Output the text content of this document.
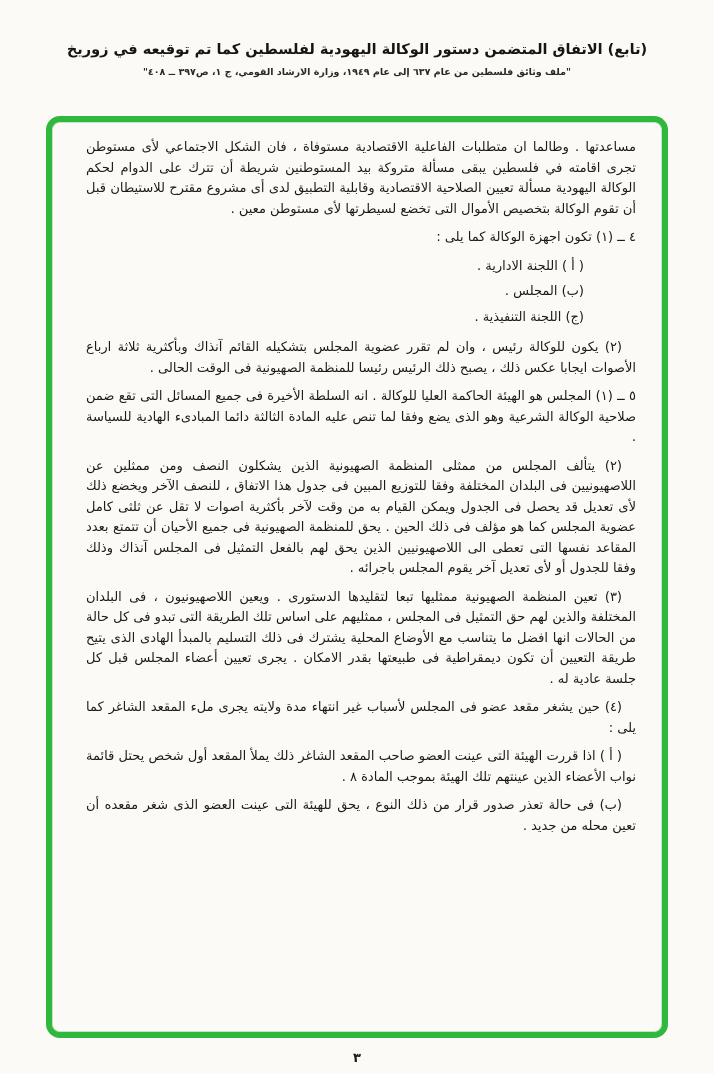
(تابع) الاتفاق المتضمن دستور الوكالة اليهودية لفلسطين كما تم توقيعه في زوريخ
"ملف وثائق فلسطين من عام ٦٣٧ إلى عام ١٩٤٩، وزارة الارشاد القومي، ج ١، ص٣٩٧ ــ ٤٠٨"

مساعدتها . وطالما ان متطلبات الفاعلية الاقتصادية مستوفاة ، فان الشكل الاجتماعي لأى مستوطن تجرى اقامته في فلسطين يبقى مسألة متروكة بيد المستوطنين شريطة أن تترك على الدوام لحكم الوكالة اليهودية مسألة تعيين الصلاحية الاقتصادية وقابلية التطبيق لدى أى مشروع مقترح للاستيطان قبل أن تقوم الوكالة بتخصيص الأموال التى تخضع لسيطرتها لأى مستوطن معين .

٤ ــ (١) تكون اجهزة الوكالة كما يلى :

( أ ) اللجنة الادارية .

(ب) المجلس .

(ج) اللجنة التنفيذية .

(٢) يكون للوكالة رئيس ، وان لم تقرر عضوية المجلس بتشكيله القائم آنذاك وبأكثرية ثلاثة ارباع الأصوات ايجابا عكس ذلك ، يصبح ذلك الرئيس رئيسا للمنظمة الصهيونية فى الوقت الحالى .

٥ ــ (١) المجلس هو الهيئة الحاكمة العليا للوكالة . انه السلطة الأخيرة فى جميع المسائل التى تقع ضمن صلاحية الوكالة الشرعية وهو الذى يضع وفقا لما تنص عليه المادة الثالثة دائما المبادىء الهادية للسياسة .

(٢) يتألف المجلس من ممثلى المنظمة الصهيونية الذين يشكلون النصف ومن ممثلين عن اللاصهيونيين فى البلدان المختلفة وفقا للتوزيع المبين فى جدول هذا الاتفاق ، للنصف الآخر ويخضع ذلك لأى تعديل قد يحصل فى الجدول ويمكن القيام به من وقت لآخر بأكثرية اصوات لا تقل عن ثلثى كامل عضوية المجلس كما هو مؤلف فى ذلك الحين . يحق للمنظمة الصهيونية فى جميع الأحيان أن تتمتع بعدد المقاعد نفسها التى تعطى الى اللاصهيونيين الذين يحق لهم بالفعل التمثيل فى المجلس آنذاك وذلك وفقا للجدول أو لأى تعديل آخر يقوم المجلس باجرائه .

(٣) تعين المنظمة الصهيونية ممثليها تبعا لتقليدها الدستورى . ويعين اللاصهيونيون ، فى البلدان المختلفة والذين لهم حق التمثيل فى المجلس ، ممثليهم على اساس تلك الطريقة التى تبدو فى كل حالة من الحالات انها افضل ما يتناسب مع الأوضاع المحلية يشترك فى ذلك التسليم بالمبدأ الهادى الذى يتيح طريقة التعيين أن تكون ديمقراطية فى طبيعتها بقدر الامكان . يجرى تعيين أعضاء المجلس قبل كل جلسة عادية له .

(٤) حين يشغر مقعد عضو فى المجلس لأسباب غير انتهاء مدة ولايته يجرى ملء المقعد الشاغر كما يلى :

( أ ) اذا قررت الهيئة التى عينت العضو صاحب المقعد الشاغر ذلك يملأ المقعد أول شخص يحتل قائمة نواب الأعضاء الذين عينتهم تلك الهيئة بموجب المادة ٨ .

(ب) فى حالة تعذر صدور قرار من ذلك النوع ، يحق للهيئة التى عينت العضو الذى شغر مقعده أن تعين محله من جديد .

٣
